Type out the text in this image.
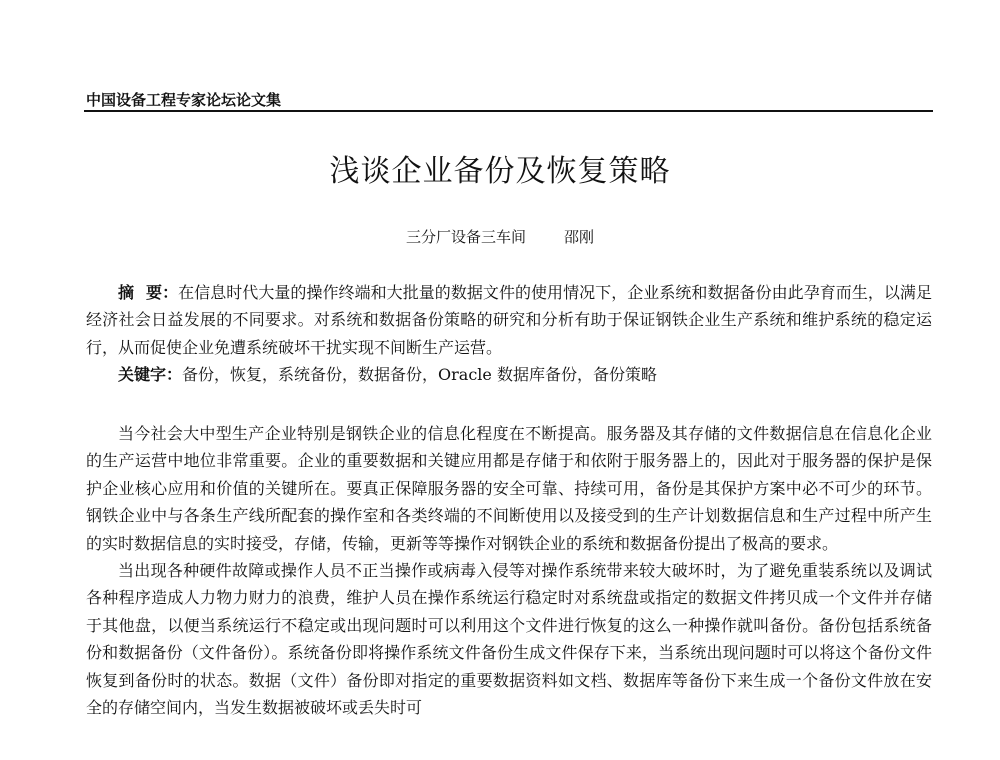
中国设备工程专家论坛论文集
浅谈企业备份及恢复策略
三分厂设备三车间	邵刚

摘要：在信息时代大量的操作终端和大批量的数据文件的使用情况下，企业系统和数据备份由此孕育而生，以满足经济社会日益发展的不同要求。对系统和数据备份策略的研究和分析有助于保证钢铁企业生产系统和维护系统的稳定运行，从而促使企业免遭系统破坏干扰实现不间断生产运营。

关键字：备份，恢复，系统备份，数据备份，Oracle 数据库备份，备份策略

当今社会大中型生产企业特别是钢铁企业的信息化程度在不断提高。服务器及其存储的文件数据信息在信息化企业的生产运营中地位非常重要。企业的重要数据和关键应用都是存储于和依附于服务器上的，因此对于服务器的保护是保护企业核心应用和价值的关键所在。要真正保障服务器的安全可靠、持续可用，备份是其保护方案中必不可少的环节。钢铁企业中与各条生产线所配套的操作室和各类终端的不间断使用以及接受到的生产计划数据信息和生产过程中所产生的实时数据信息的实时接受，存储，传输，更新等等操作对钢铁企业的系统和数据备份提出了极高的要求。

当出现各种硬件故障或操作人员不正当操作或病毒入侵等对操作系统带来较大破坏时，为了避免重装系统以及调试各种程序造成人力物力财力的浪费，维护人员在操作系统运行稳定时对系统盘或指定的数据文件拷贝成一个文件并存储于其他盘，以便当系统运行不稳定或出现问题时可以利用这个文件进行恢复的这么一种操作就叫备份。备份包括系统备份和数据备份（文件备份）。系统备份即将操作系统文件备份生成文件保存下来，当系统出现问题时可以将这个备份文件恢复到备份时的状态。数据（文件）备份即对指定的重要数据资料如文档、数据库等备份下来生成一个备份文件放在安全的存储空间内，当发生数据被破坏或丢失时可
